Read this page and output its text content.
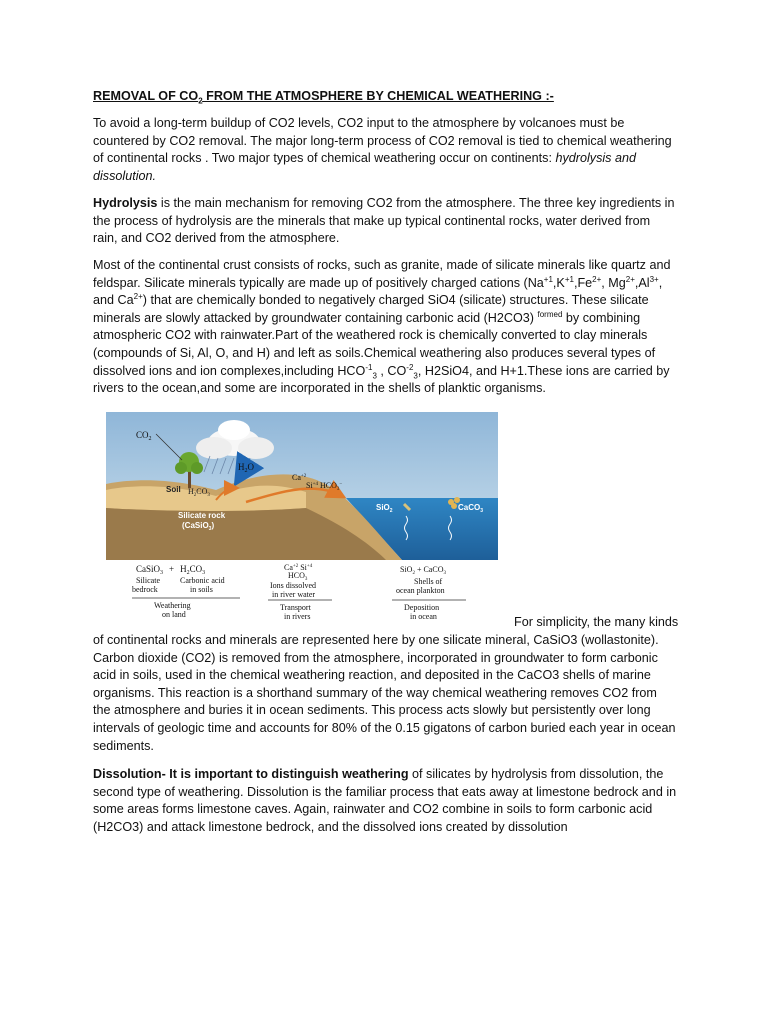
REMOVAL OF $CO_2$ FROM THE ATMOSPHERE BY CHEMICAL WEATHERING :-

To avoid a long-term buildup of CO2 levels, CO2 input to the atmosphere by volcanoes must be countered by CO2 removal. The major long-term process of CO2 removal is tied to chemical weathering of continental rocks . Two major types of chemical weathering occur on continents: hydrolysis and dissolution.

Hydrolysis is the main mechanism for removing CO2 from the atmosphere. The three key ingredients in the process of hydrolysis are the minerals that make up typical continental rocks, water derived from rain, and CO2 derived from the atmosphere.

Most of the continental crust consists of rocks, such as granite, made of silicate minerals like quartz and feldspar. Silicate minerals typically are made up of positively charged cations ($Na^{+1},K^{+1},Fe^{2+}$, $Mg^{2+},Al^{3+}$, and $Ca^{2+}$) that are chemically bonded to negatively charged SiO4 (silicate) structures. These silicate minerals are slowly attacked by groundwater containing carbonic acid (H2CO3) $^{formed}$ by combining atmospheric CO2 with rainwater.Part of the weathered rock is chemically converted to clay minerals (compounds of Si, Al, O, and H) and left as soils.Chemical weathering also produces several types of dissolved ions and ion complexes,including $HCO^{-1}_3$ , $CO^{-2}_3$, H2SiO4, and H+1.These ions are carried by rivers to the ocean,and some are incorporated in the shells of planktic organisms.

$CO_2$
$H_2O$
Soil $H_2CO_3$
$Ca^{+2}$
$Si^{+4}$ $HCO_3^-$
Silicate rock
(CaSiO$_3$)
SiO$_2$	CaCO$_3$
CaSiO$_3$ + $H_2CO_3$
Silicate
bedrock
Carbonic acid
in soils
Weathering
on land
$Ca^{+2}$ $Si^{+4}$
$HCO_3$
Ions dissolved
in river water
Transport
in rivers
SiO$_2$ + CaCO$_3$
Shells of
ocean plankton
Deposition
in ocean	For simplicity, the many kinds

of continental rocks and minerals are represented here by one silicate mineral, CaSiO3 (wollastonite). Carbon dioxide (CO2) is removed from the atmosphere, incorporated in groundwater to form carbonic acid in soils, used in the chemical weathering reaction, and deposited in the CaCO3 shells of marine organisms. This reaction is a shorthand summary of the way chemical weathering removes CO2 from the atmosphere and buries it in ocean sediments. This process acts slowly but persistently over long intervals of geologic time and accounts for 80% of the 0.15 gigatons of carbon buried each year in ocean sediments.

Dissolution- It is important to distinguish weathering of silicates by hydrolysis from dissolution, the second type of weathering. Dissolution is the familiar process that eats away at limestone bedrock and in some areas forms limestone caves. Again, rainwater and CO2 combine in soils to form carbonic acid (H2CO3) and attack limestone bedrock, and the dissolved ions created by dissolution
